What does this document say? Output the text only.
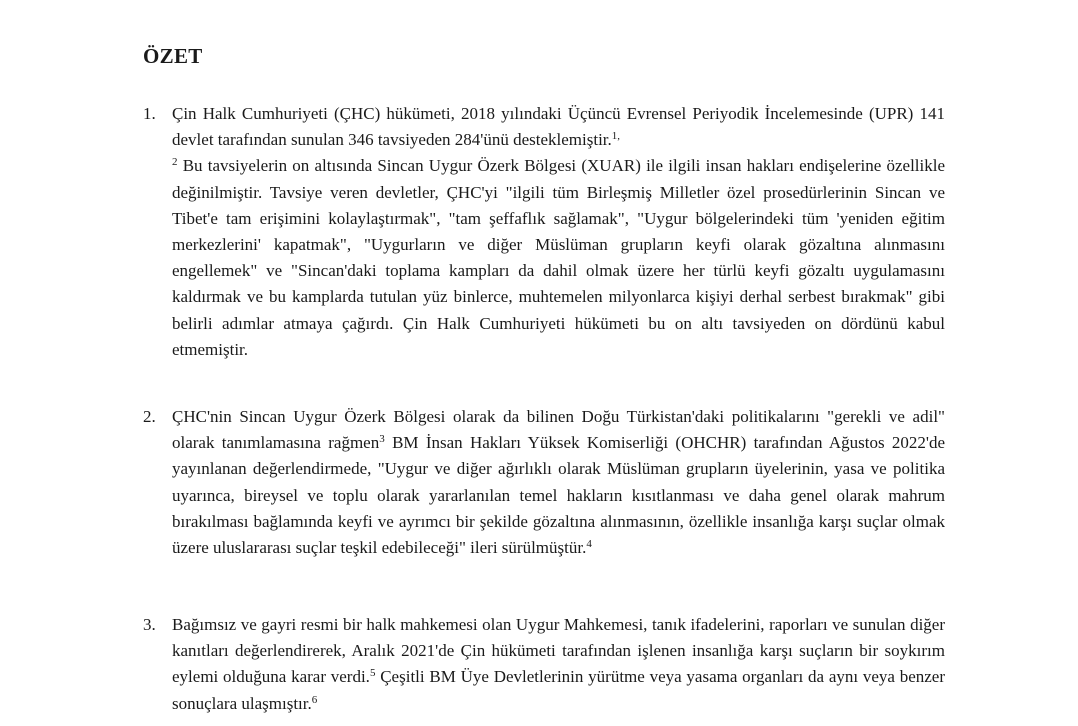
ÖZET
1. Çin Halk Cumhuriyeti (ÇHC) hükümeti, 2018 yılındaki Üçüncü Evrensel Periyodik İncelemesinde (UPR) 141 devlet tarafından sunulan 346 tavsiyeden 284'ünü desteklemiştir.$^{1,}$
$^2$ Bu tavsiyelerin on altısında Sincan Uygur Özerk Bölgesi (XUAR) ile ilgili insan hakları endişelerine özellikle değinilmiştir. Tavsiye veren devletler, ÇHC'yi "ilgili tüm Birleşmiş Milletler özel prosedürlerinin Sincan ve Tibet'e tam erişimini kolaylaştırmak", "tam şeffaflık sağlamak", "Uygur bölgelerindeki tüm 'yeniden eğitim merkezlerini' kapatmak", "Uygurların ve diğer Müslüman grupların keyfi olarak gözaltına alınmasını engellemek" ve "Sincan'daki toplama kampları da dahil olmak üzere her türlü keyfi gözaltı uygulamasını kaldırmak ve bu kamplarda tutulan yüz binlerce, muhtemelen milyonlarca kişiyi derhal serbest bırakmak" gibi belirli adımlar atmaya çağırdı. Çin Halk Cumhuriyeti hükümeti bu on altı tavsiyeden on dördünü kabul etmemiştir.

2. ÇHC'nin Sincan Uygur Özerk Bölgesi olarak da bilinen Doğu Türkistan'daki politikalarını "gerekli ve adil" olarak tanımlamasına rağmen$^3$ BM İnsan Hakları Yüksek Komiserliği (OHCHR) tarafından Ağustos 2022'de yayınlanan değerlendirmede, "Uygur ve diğer ağırlıklı olarak Müslüman grupların üyelerinin, yasa ve politika uyarınca, bireysel ve toplu olarak yararlanılan temel hakların kısıtlanması ve daha genel olarak mahrum bırakılması bağlamında keyfi ve ayrımcı bir şekilde gözaltına alınmasının, özellikle insanlığa karşı suçlar olmak üzere uluslararası suçlar teşkil edebileceği" ileri sürülmüştür.$^4$

3. Bağımsız ve gayri resmi bir halk mahkemesi olan Uygur Mahkemesi, tanık ifadelerini, raporları ve sunulan diğer kanıtları değerlendirerek, Aralık 2021'de Çin hükümeti tarafından işlenen insanlığa karşı suçların bir soykırım eylemi olduğuna karar verdi.$^5$ Çeşitli BM Üye Devletlerinin yürütme veya yasama organları da aynı veya benzer sonuçlara ulaşmıştır.$^6$
